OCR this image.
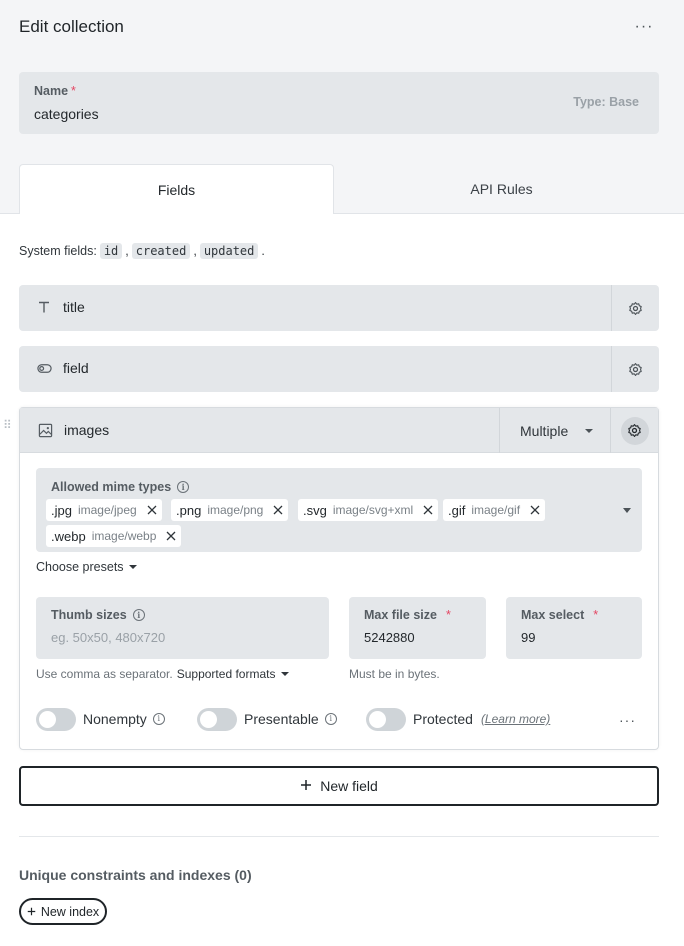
Edit collection	···
Name *
categories
Type: Base
Fields	API Rules
System fields: id , created , updated .
title
field
⠿	images	Multiple
Allowed mime types	i
.jpg image/jpeg	.png image/png	.svg image/svg+xml	.gif image/gif
.webp image/webp
Choose presets
Thumb sizes	i
eg. 50x50, 480x720
Max file size *
5242880
Max select *
99
Use comma as separator. Supported formats	Must be in bytes.
Nonempty	i	Presentable	i	Protected (Learn more)	···
New field
Unique constraints and indexes (0)
New index
